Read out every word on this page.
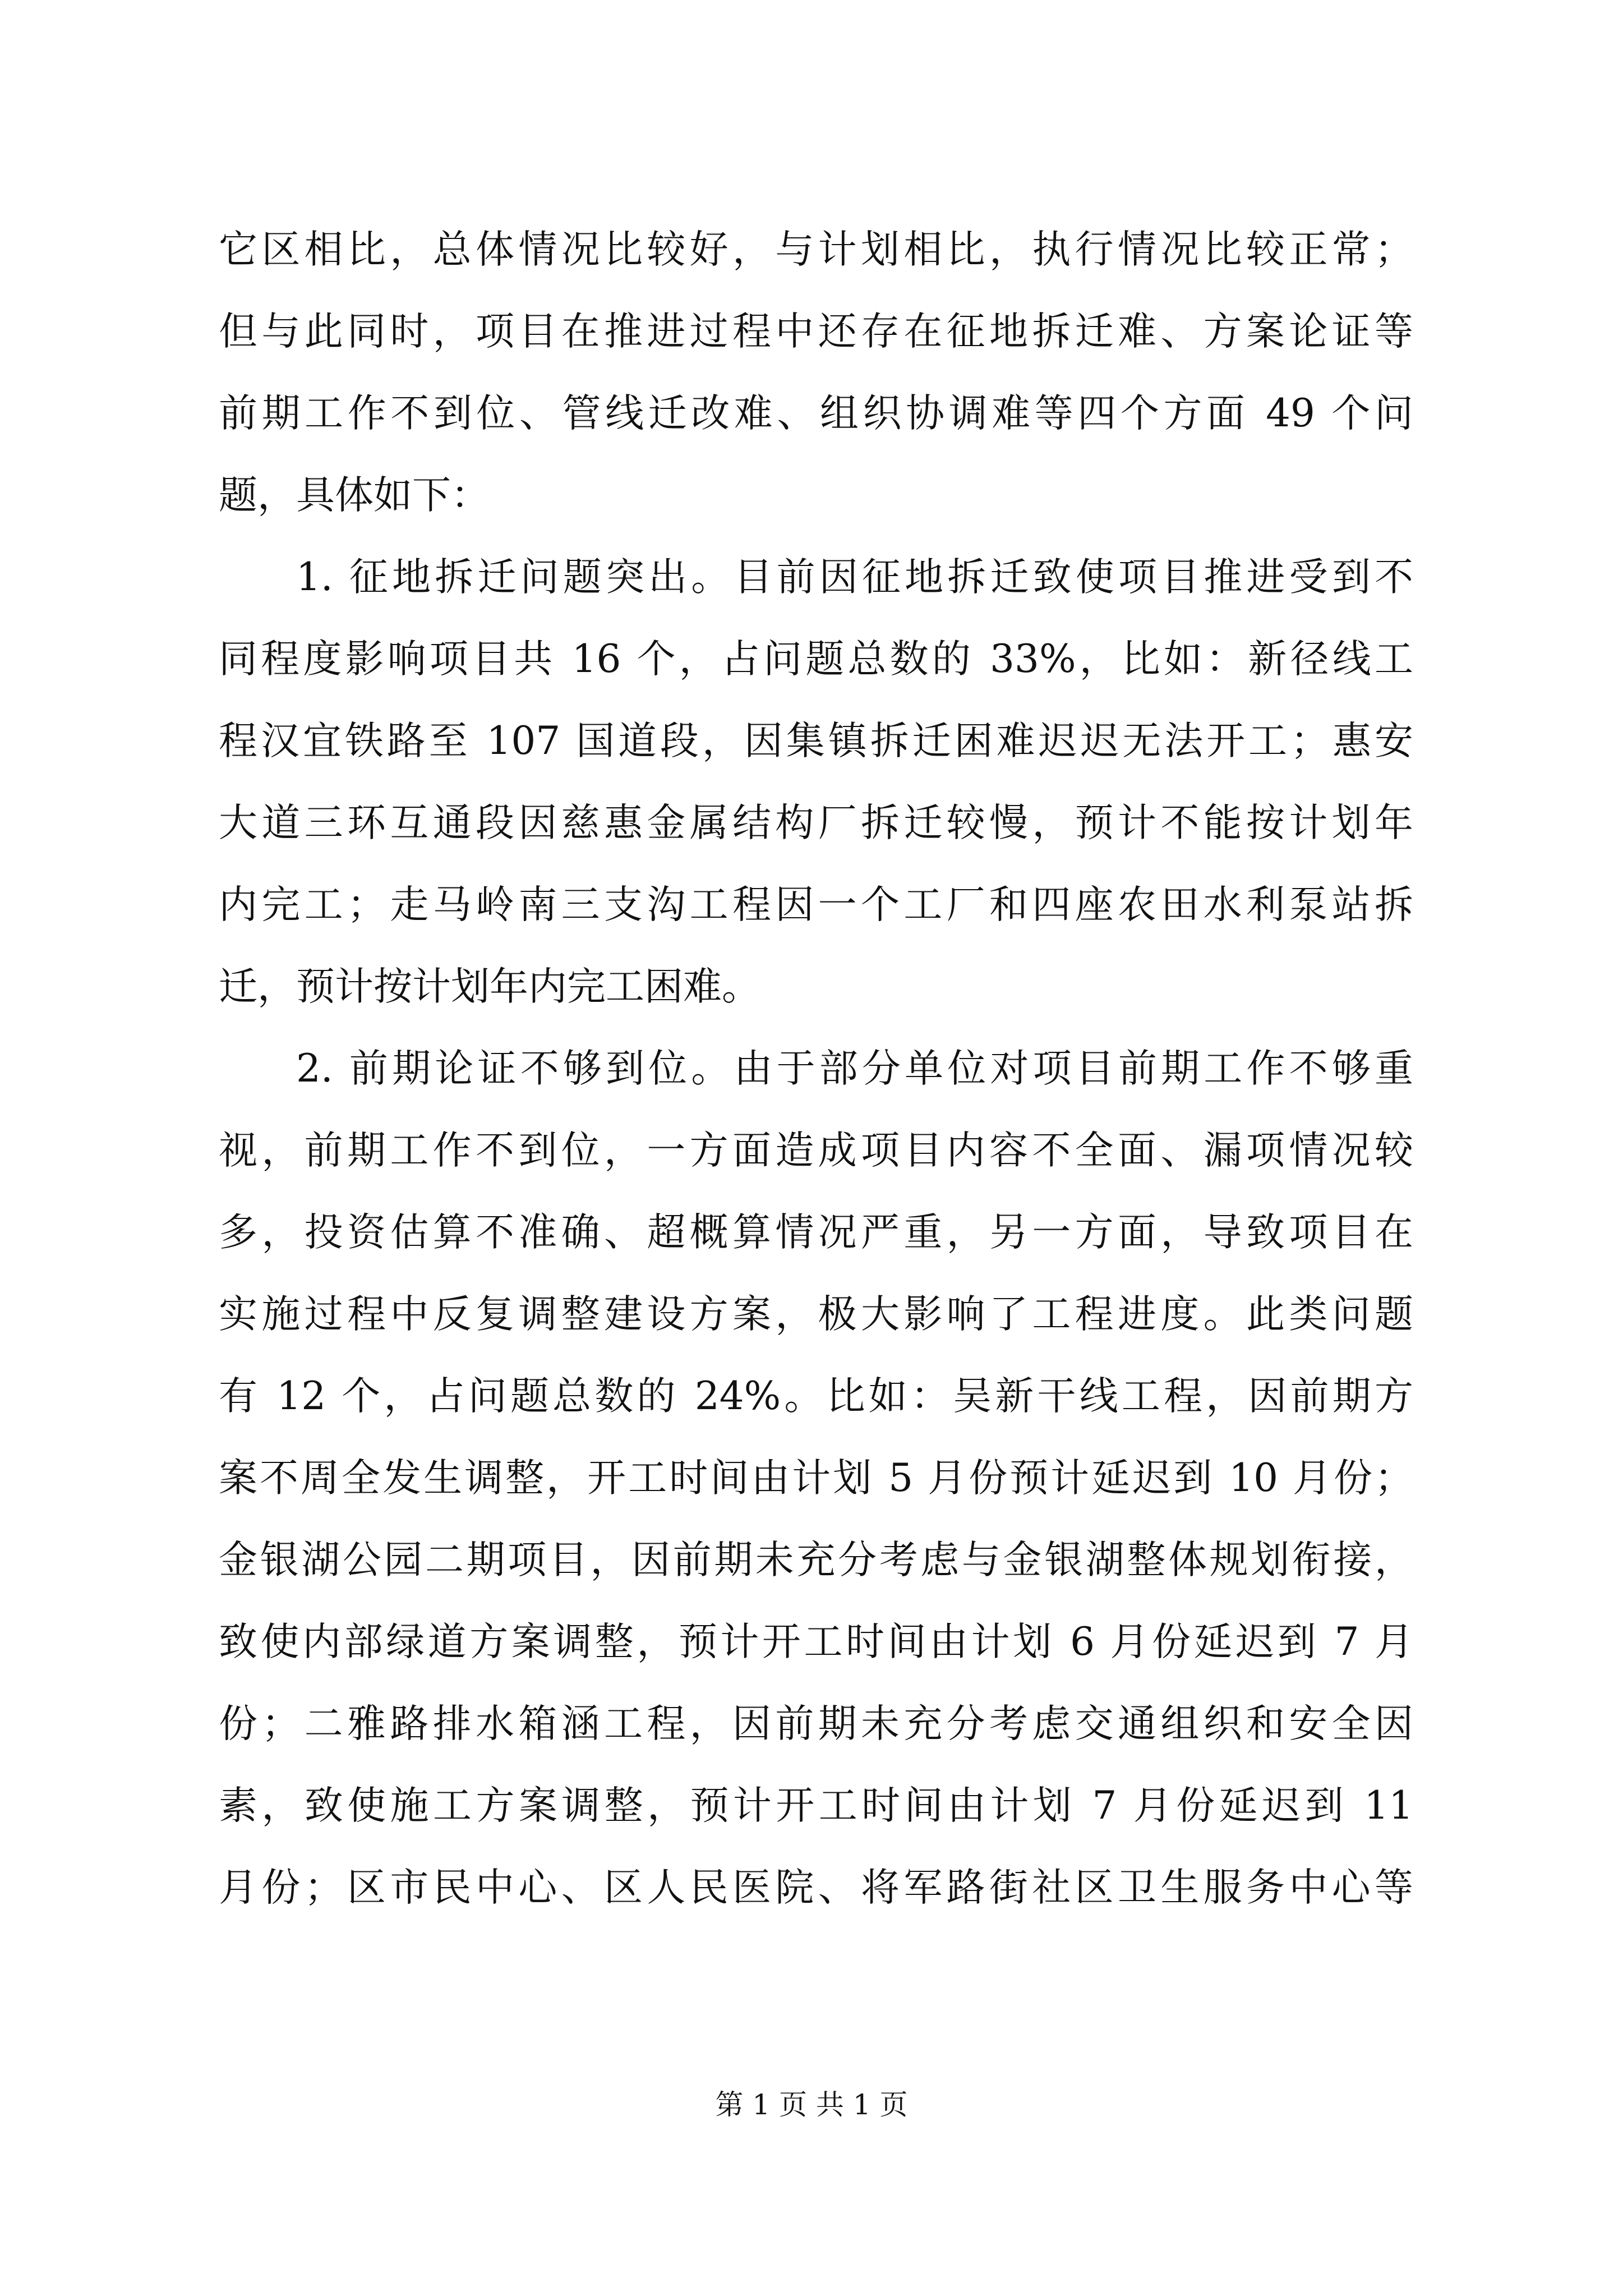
它区相比，总体情况比较好，与计划相比，执行情况比较正常；
但与此同时，项目在推进过程中还存在征地拆迁难、方案论证等
前期工作不到位、管线迁改难、组织协调难等四个方面 49 个问
题，具体如下：
1. 征地拆迁问题突出。目前因征地拆迁致使项目推进受到不
同程度影响项目共 16 个，占问题总数的 33%，比如：新径线工
程汉宜铁路至 107 国道段，因集镇拆迁困难迟迟无法开工；惠安
大道三环互通段因慈惠金属结构厂拆迁较慢，预计不能按计划年
内完工；走马岭南三支沟工程因一个工厂和四座农田水利泵站拆
迁，预计按计划年内完工困难。
2. 前期论证不够到位。由于部分单位对项目前期工作不够重
视，前期工作不到位，一方面造成项目内容不全面、漏项情况较
多，投资估算不准确、超概算情况严重，另一方面，导致项目在
实施过程中反复调整建设方案，极大影响了工程进度。此类问题
有 12 个，占问题总数的 24%。比如：吴新干线工程，因前期方
案不周全发生调整，开工时间由计划 5 月份预计延迟到 10 月份；
金银湖公园二期项目，因前期未充分考虑与金银湖整体规划衔接，
致使内部绿道方案调整，预计开工时间由计划 6 月份延迟到 7 月
份；二雅路排水箱涵工程，因前期未充分考虑交通组织和安全因
素，致使施工方案调整，预计开工时间由计划 7 月份延迟到 11
月份；区市民中心、区人民医院、将军路街社区卫生服务中心等
第 1 页 共 1 页
